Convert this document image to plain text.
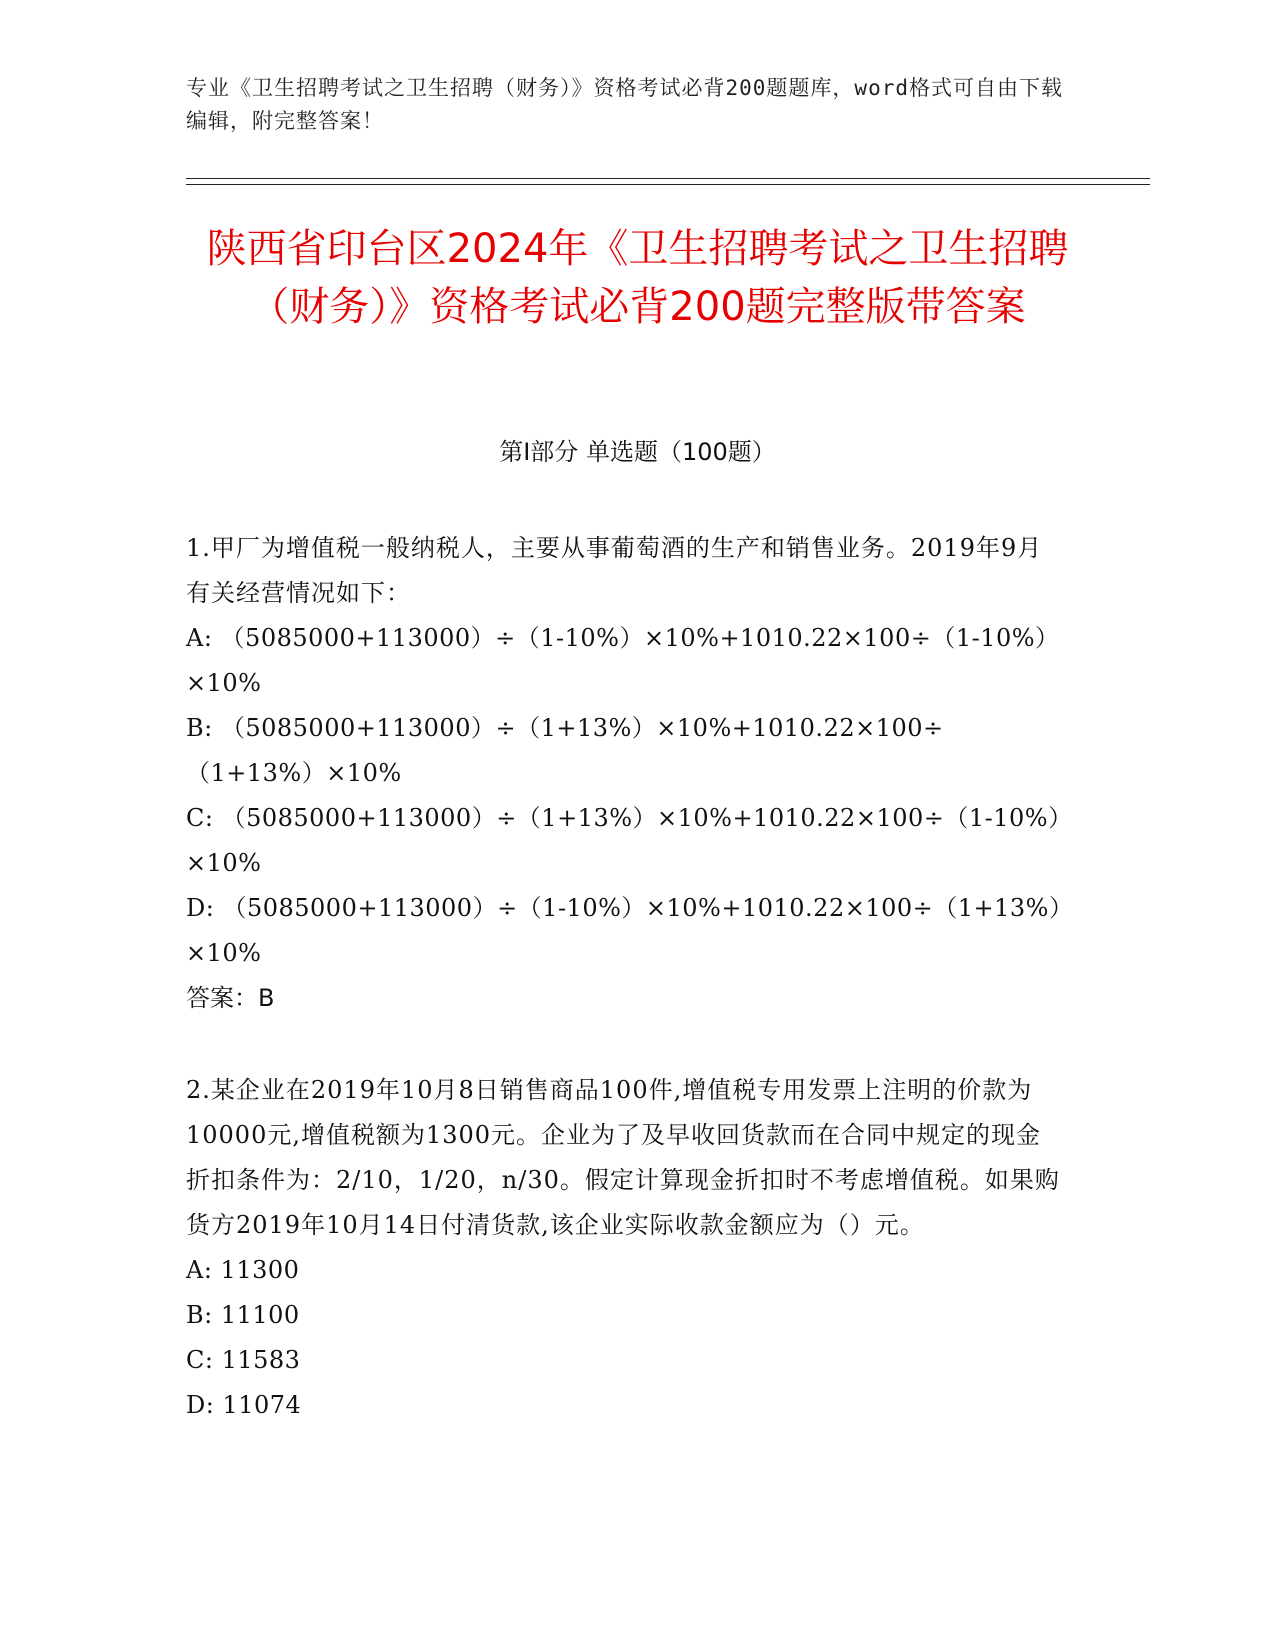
专业《卫生招聘考试之卫生招聘（财务）》资格考试必背200题题库，word格式可自由下载编辑，附完整答案！

陕西省印台区2024年《卫生招聘考试之卫生招聘（财务）》资格考试必背200题完整版带答案
第I部分 单选题（100题）

1.甲厂为增值税一般纳税人，主要从事葡萄酒的生产和销售业务。2019年9月有关经营情况如下：

A: （5085000+113000）÷（1-10%）×10%+1010.22×100÷（1-10%）×10%

B: （5085000+113000）÷（1+13%）×10%+1010.22×100÷（1+13%）×10%

C: （5085000+113000）÷（1+13%）×10%+1010.22×100÷（1-10%）×10%

D: （5085000+113000）÷（1-10%）×10%+1010.22×100÷（1+13%）×10%

答案：B

2.某企业在2019年10月8日销售商品100件,增值税专用发票上注明的价款为10000元,增值税额为1300元。企业为了及早收回货款而在合同中规定的现金折扣条件为：2/10，1/20，n/30。假定计算现金折扣时不考虑增值税。如果购货方2019年10月14日付清货款,该企业实际收款金额应为（）元。

A: 11300

B: 11100

C: 11583

D: 11074
